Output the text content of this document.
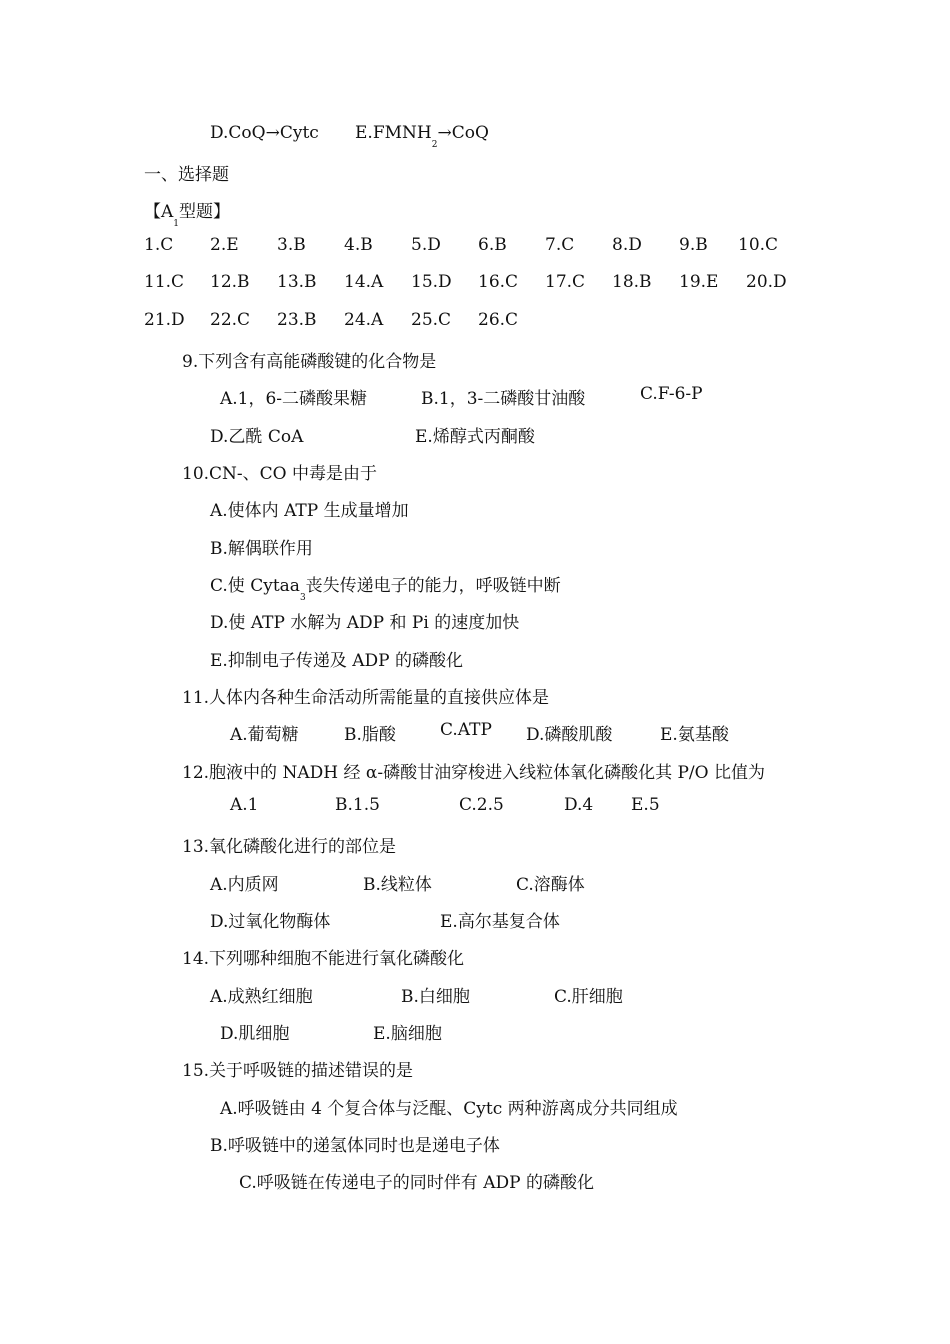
D.CoQ→Cytc $E.FMNH_2\to CoQ$
一、选择题
【$A_1$型题】
1.C 2.E 3.B 4.B 5.D 6.B 7.C 8.D 9.B 10.C
11.C 12.B 13.B 14.A 15.D 16.C 17.C 18.B 19.E 20.D
21.D 22.C 23.B 24.A 25.C 26.C
9.下列含有高能磷酸键的化合物是
A.1，6-二磷酸果糖	B.1，3-二磷酸甘油酸	C.F-6-P
D.乙酰 CoA	E.烯醇式丙酮酸
10.CN-、CO 中毒是由于
A.使体内 ATP 生成量增加
B.解偶联作用
C.使 Cytaa$_3$丧失传递电子的能力，呼吸链中断
D.使 ATP 水解为 ADP 和 Pi 的速度加快
E.抑制电子传递及 ADP 的磷酸化
11.人体内各种生命活动所需能量的直接供应体是
A.葡萄糖	B.脂酸	C.ATP D.磷酸肌酸	E.氨基酸
12.胞液中的 NADH 经 α-磷酸甘油穿梭进入线粒体氧化磷酸化其 P/O 比值为
A.1	B.1.5	C.2.5	D.4 E.5
13.氧化磷酸化进行的部位是
A.内质网	B.线粒体	C.溶酶体
D.过氧化物酶体	E.高尔基复合体
14.下列哪种细胞不能进行氧化磷酸化
A.成熟红细胞	B.白细胞	C.肝细胞
D.肌细胞	E.脑细胞
15.关于呼吸链的描述错误的是
A.呼吸链由 4 个复合体与泛醌、Cytc 两种游离成分共同组成
B.呼吸链中的递氢体同时也是递电子体
C.呼吸链在传递电子的同时伴有 ADP 的磷酸化
